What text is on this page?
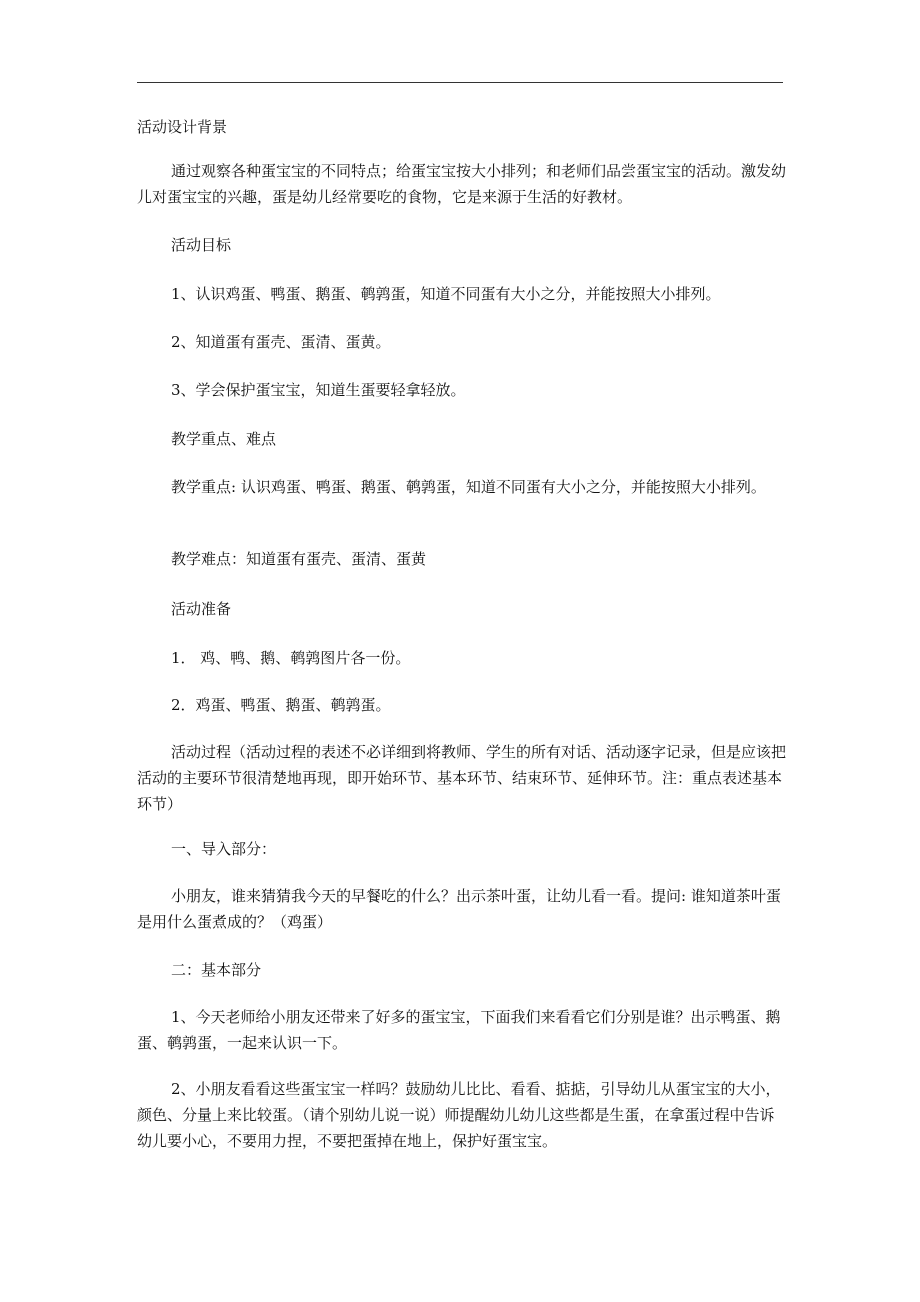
活动设计背景

通过观察各种蛋宝宝的不同特点；给蛋宝宝按大小排列；和老师们品尝蛋宝宝的活动。激发幼儿对蛋宝宝的兴趣，蛋是幼儿经常要吃的食物，它是来源于生活的好教材。

活动目标

1、认识鸡蛋、鸭蛋、鹅蛋、鹌鹑蛋，知道不同蛋有大小之分，并能按照大小排列。

2、知道蛋有蛋壳、蛋清、蛋黄。

3、学会保护蛋宝宝，知道生蛋要轻拿轻放。

教学重点、难点

教学重点: 认识鸡蛋、鸭蛋、鹅蛋、鹌鹑蛋，知道不同蛋有大小之分，并能按照大小排列。

教学难点：知道蛋有蛋壳、蛋清、蛋黄

活动准备

1． 鸡、鸭、鹅、鹌鹑图片各一份。

2．鸡蛋、鸭蛋、鹅蛋、鹌鹑蛋。

活动过程（活动过程的表述不必详细到将教师、学生的所有对话、活动逐字记录，但是应该把活动的主要环节很清楚地再现，即开始环节、基本环节、结束环节、延伸环节。注：重点表述基本环节）

一、导入部分：

小朋友，谁来猜猜我今天的早餐吃的什么？出示茶叶蛋，让幼儿看一看。提问: 谁知道茶叶蛋是用什么蛋煮成的？（鸡蛋）

二：基本部分

1、今天老师给小朋友还带来了好多的蛋宝宝，下面我们来看看它们分别是谁？出示鸭蛋、鹅蛋、鹌鹑蛋，一起来认识一下。

2、小朋友看看这些蛋宝宝一样吗？鼓励幼儿比比、看看、掂掂，引导幼儿从蛋宝宝的大小，颜色、分量上来比较蛋。（请个别幼儿说一说）师提醒幼儿幼儿这些都是生蛋，在拿蛋过程中告诉幼儿要小心，不要用力捏，不要把蛋掉在地上，保护好蛋宝宝。
